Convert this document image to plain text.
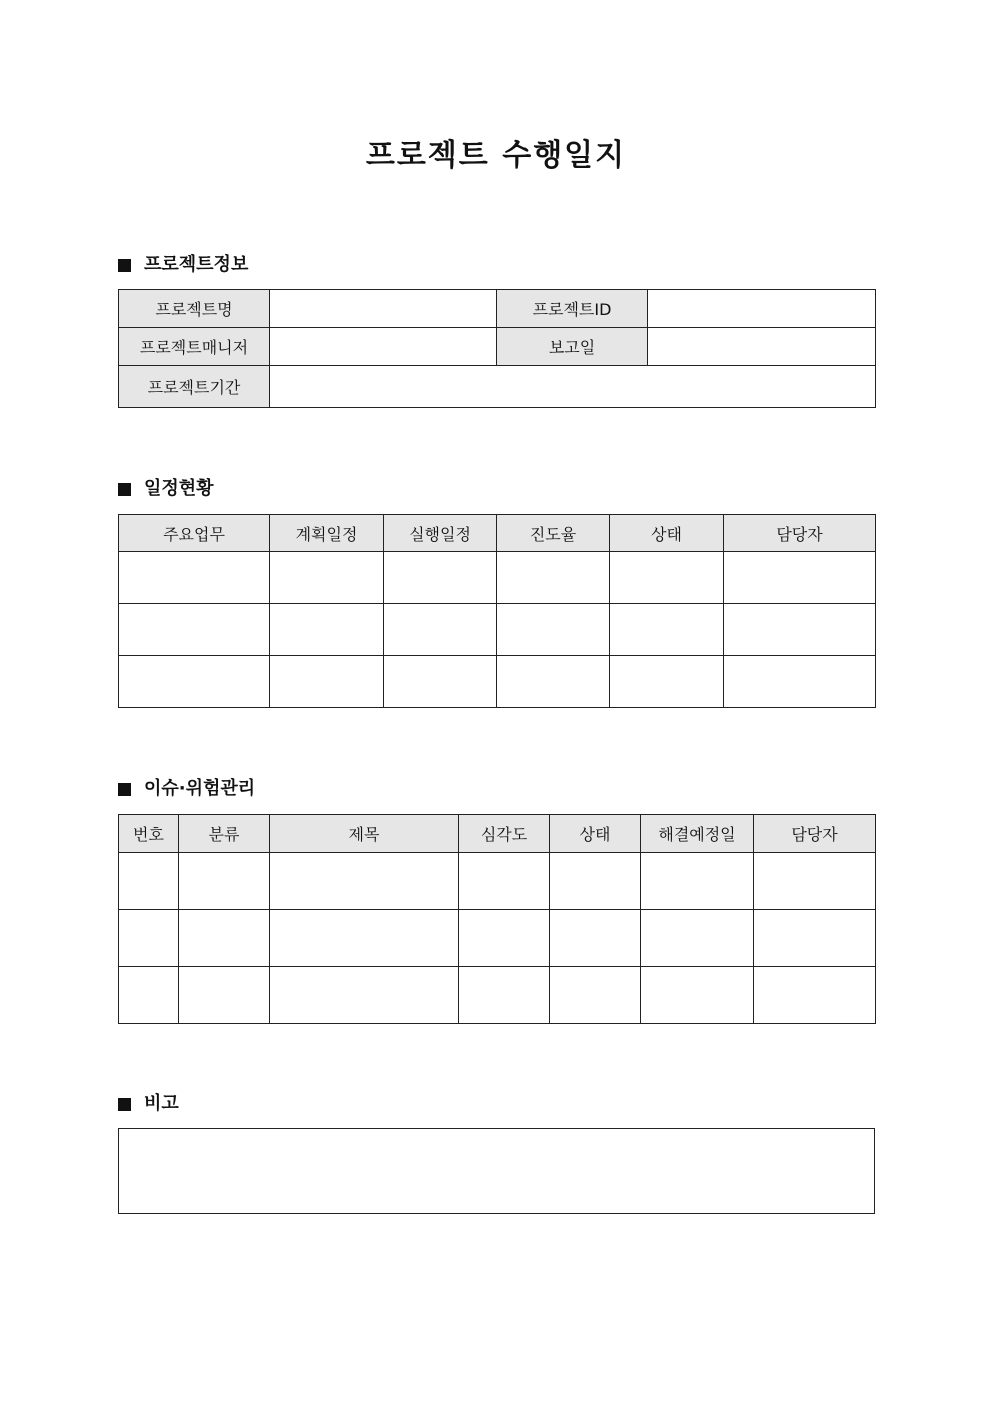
프로젝트 수행일지
프로젝트정보
프로젝트명		프로젝트ID	
프로젝트매니저		보고일	
프로젝트기간			
일정현황
주요업무	계획일정	실행일정	진도율	상태	담당자

이슈·위험관리
번호	분류	제목	심각도	상태	해결예정일	담당자

비고
